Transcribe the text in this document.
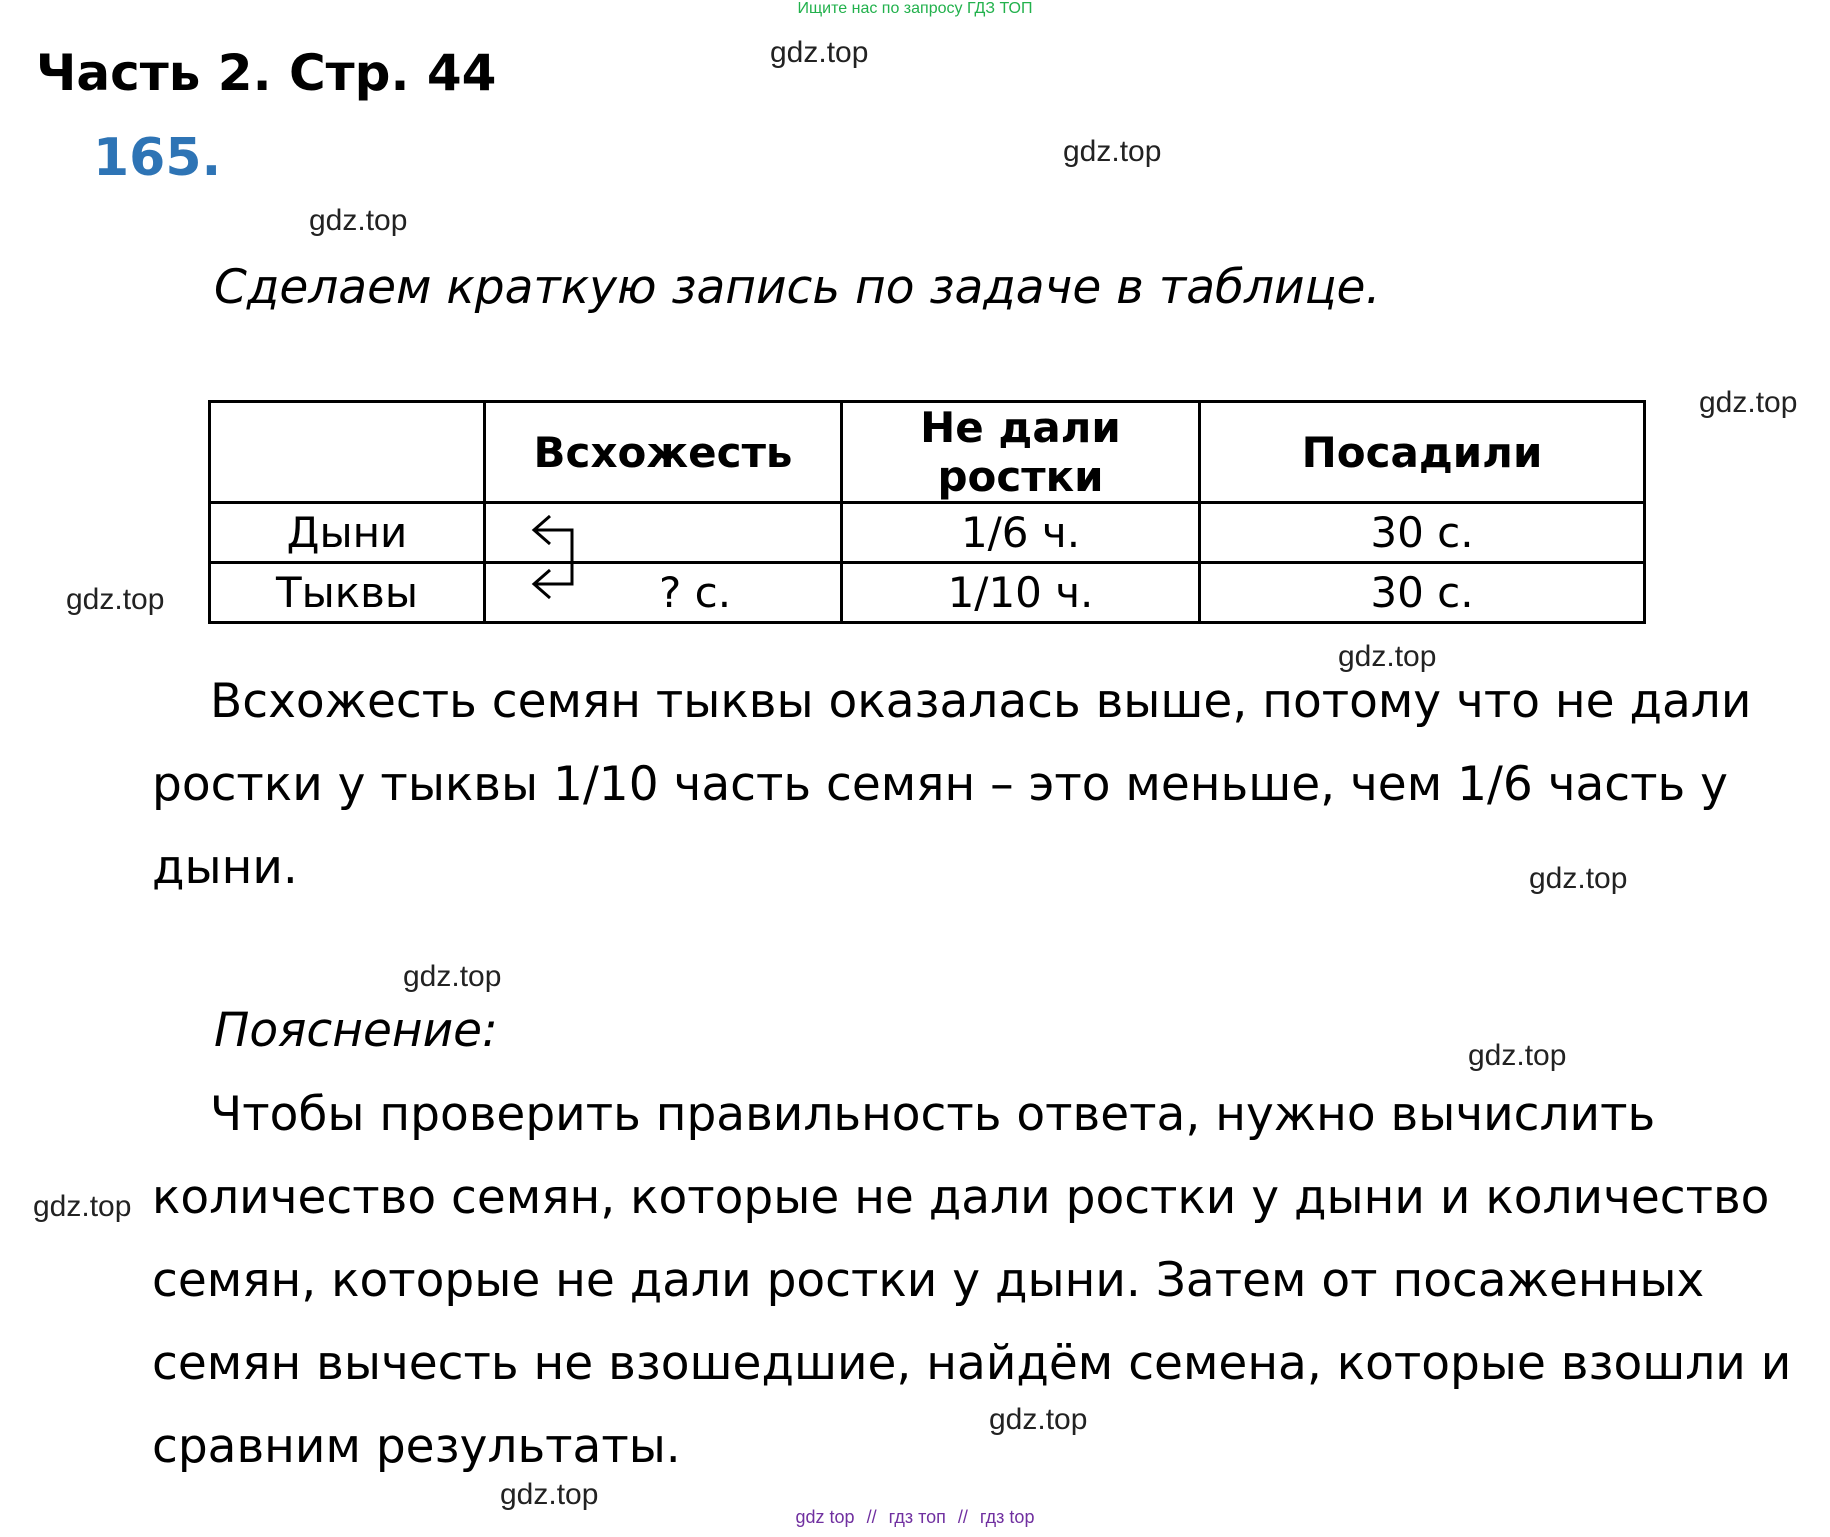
Ищите нас по запросу ГДЗ ТОП
Часть 2. Стр. 44
165.
Сделаем краткую запись по задаче в таблице.
	Всхожесть	Не дали ростки	Посадили
Дыни		1/6 ч.	30 с.
Тыквы	? с.	1/10 ч.	30 с.
Всхожесть семян тыквы оказалась выше, потому что не дали ростки у тыквы 1/10 часть семян – это меньше, чем 1/6 часть у дыни.
Пояснение:
Чтобы проверить правильность ответа, нужно вычислить количество семян, которые не дали ростки у дыни и количество семян, которые не дали ростки у дыни. Затем от посаженных семян вычесть не взошедшие, найдём семена, которые взошли и сравним результаты.
gdz.top
gdz.top
gdz.top
gdz.top
gdz.top
gdz.top
gdz.top
gdz.top
gdz.top
gdz.top
gdz.top
gdz.top
gdz top // гдз топ // гдз top
